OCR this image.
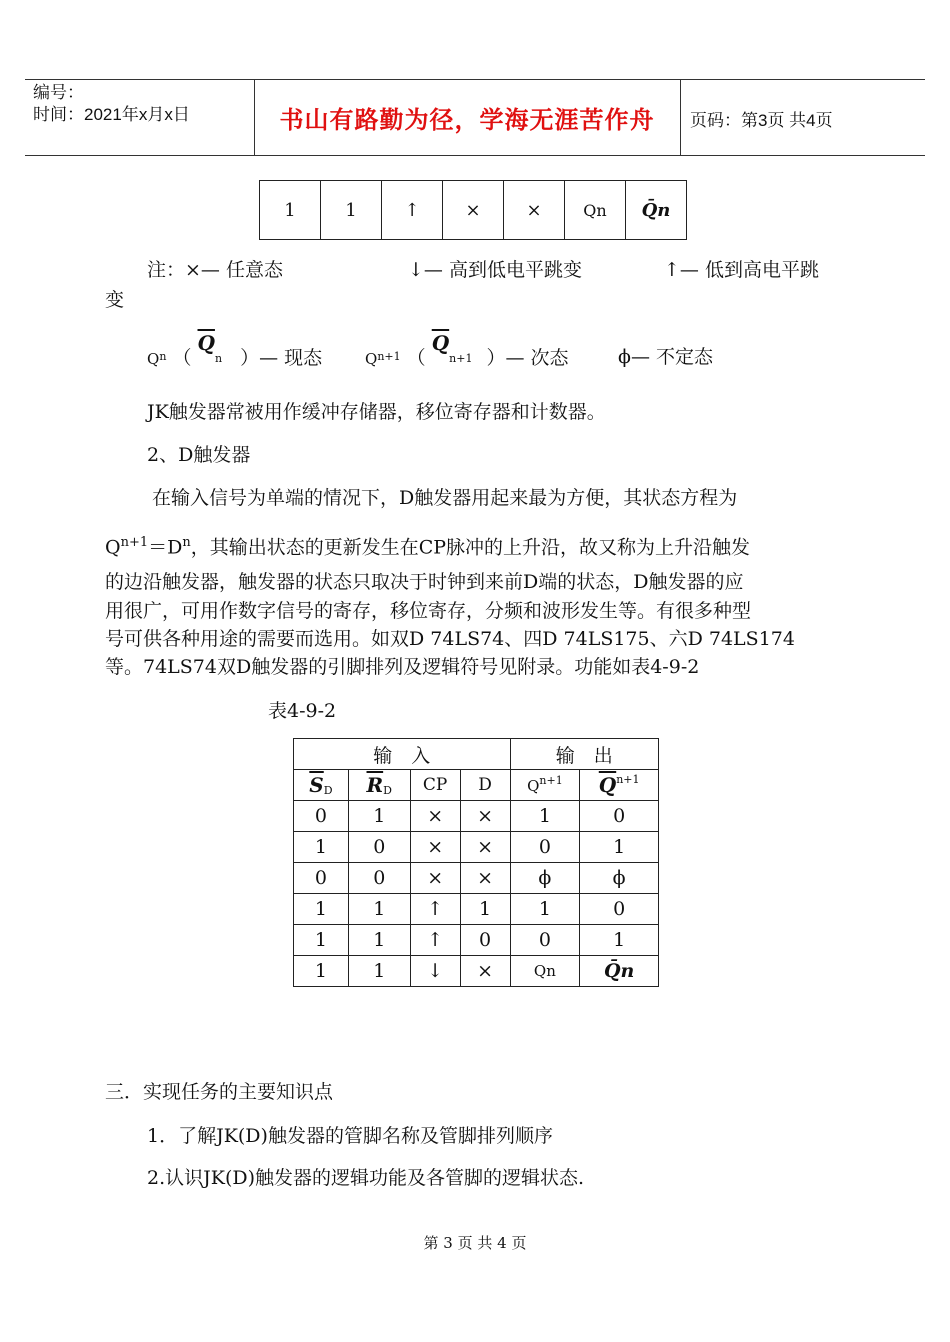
编号：
时间：2021年x月x日	书山有路勤为径，学海无涯苦作舟	页码：第3页 共4页
1	1	↑	×	×	Qn	Q̄n
注：×— 任意态	↓— 高到低电平跳变	↑— 低到高电平跳
变
$Q^n$ （ $\overline{Q}n$ ）— 现态	$Q^{n+1}$ （ $\overline{Q}n+1$ ）— 次态	ϕ— 不定态
JK触发器常被用作缓冲存储器，移位寄存器和计数器。
2、D触发器
在输入信号为单端的情况下，D触发器用起来最为方便，其状态方程为
$Q^{n+1}=D^n$，其输出状态的更新发生在CP脉冲的上升沿，故又称为上升沿触发
的边沿触发器，触发器的状态只取决于时钟到来前D端的状态，D触发器的应
用很广，可用作数字信号的寄存，移位寄存，分频和波形发生等。有很多种型
号可供各种用途的需要而选用。如双D 74LS74、四D 74LS175、六D 74LS174
等。74LS74双D触发器的引脚排列及逻辑符号见附录。功能如表4-9-2
表4-9-2
输　入				输　出	
$\overline{S}D$	$\overline{R}D$	CP	D	$Q^{n+1}$	$\overline{Q}^{n+1}$
0	1	×	×	1	0
1	0	×	×	0	1
0	0	×	×	ϕ	ϕ
1	1	↑	1	1	0
1	1	↑	0	0	1
1	1	↓	×	Qn	Q̄n
三．实现任务的主要知识点
1．了解JK(D)触发器的管脚名称及管脚排列顺序
2.认识JK(D)触发器的逻辑功能及各管脚的逻辑状态.
第 3 页 共 4 页
